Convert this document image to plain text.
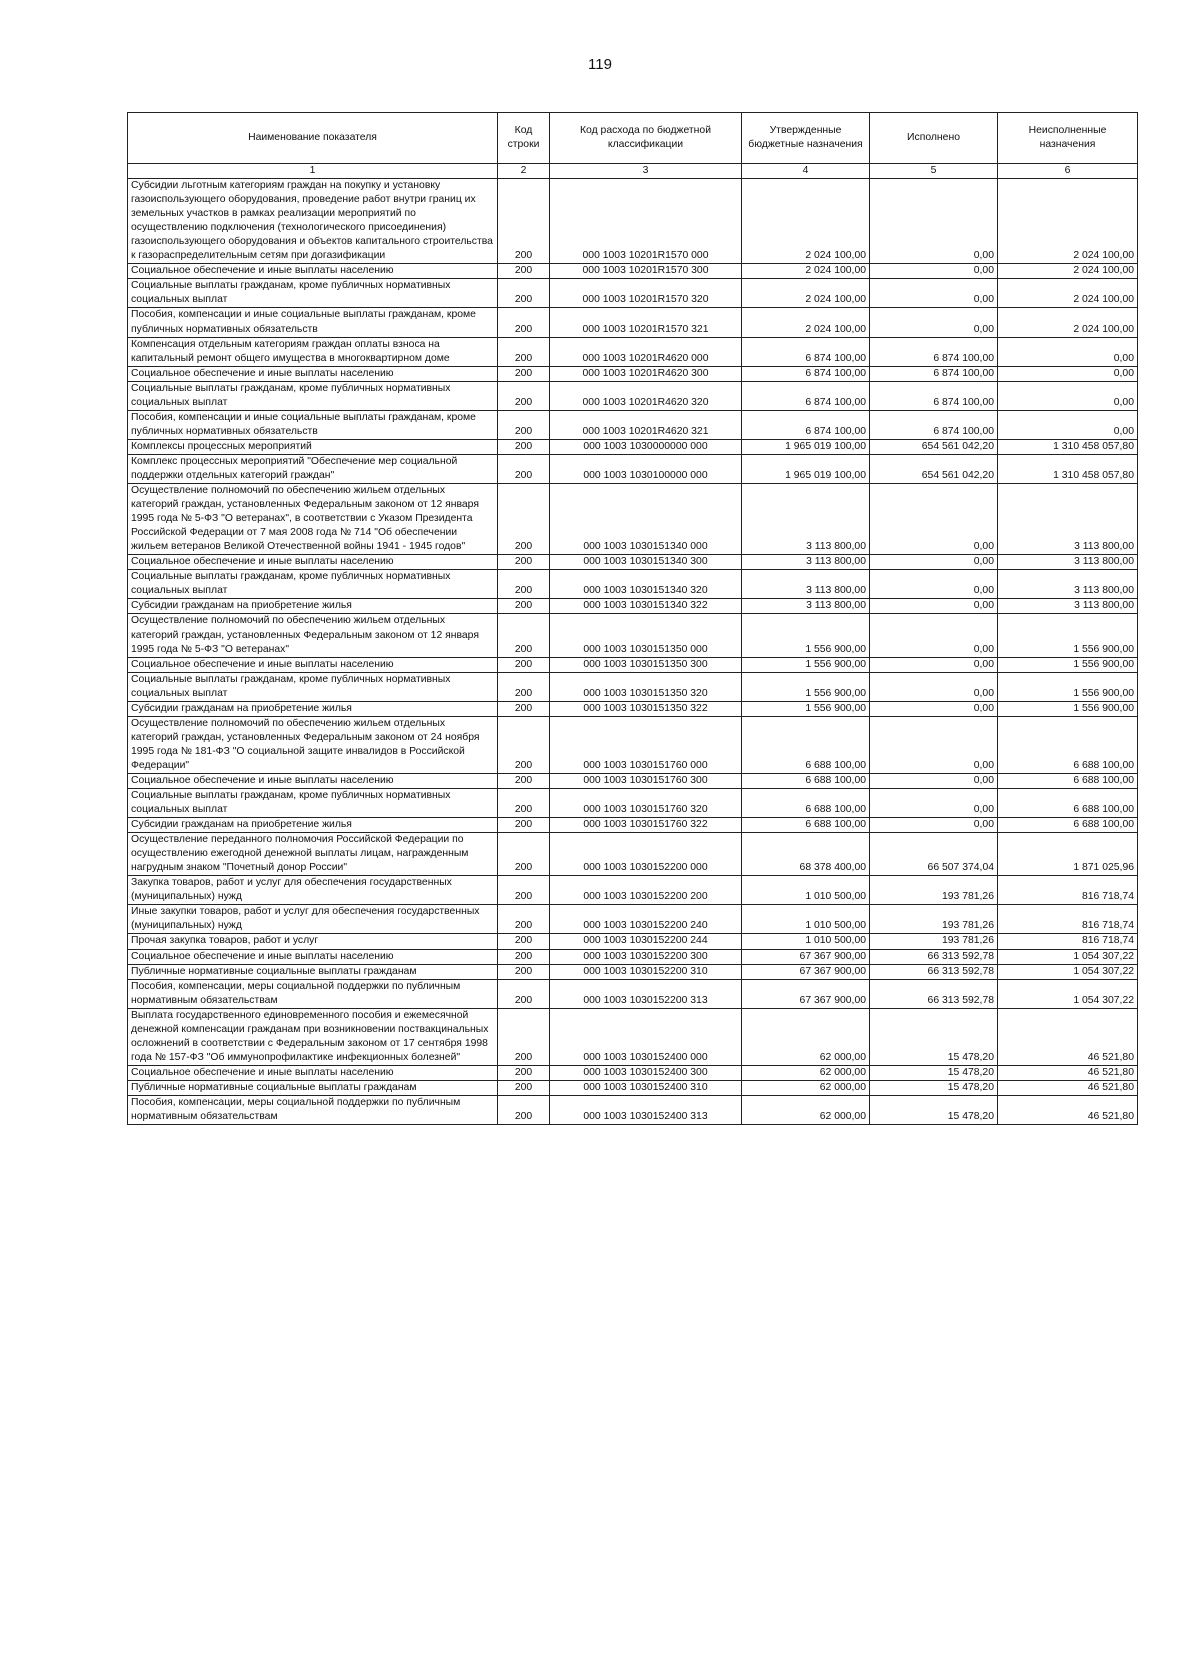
119
Наименование показателя	Код строки	Код расхода по бюджетной классификации	Утвержденные бюджетные назначения	Исполнено	Неисполненные назначения
1	2	3	4	5	6
Субсидии льготным категориям граждан на покупку и установку газоиспользующего оборудования, проведение работ внутри границ их земельных участков в рамках реализации мероприятий по осуществлению подключения (технологического присоединения) газоиспользующего оборудования и объектов капитального строительства к газораспределительным сетям при догазификации	200	000 1003 10201R1570 000	2 024 100,00	0,00	2 024 100,00
Социальное обеспечение и иные выплаты населению	200	000 1003 10201R1570 300	2 024 100,00	0,00	2 024 100,00
Социальные выплаты гражданам, кроме публичных нормативных социальных выплат	200	000 1003 10201R1570 320	2 024 100,00	0,00	2 024 100,00
Пособия, компенсации и иные социальные выплаты гражданам, кроме публичных нормативных обязательств	200	000 1003 10201R1570 321	2 024 100,00	0,00	2 024 100,00
Компенсация отдельным категориям граждан оплаты взноса на капитальный ремонт общего имущества в многоквартирном доме	200	000 1003 10201R4620 000	6 874 100,00	6 874 100,00	0,00
Социальное обеспечение и иные выплаты населению	200	000 1003 10201R4620 300	6 874 100,00	6 874 100,00	0,00
Социальные выплаты гражданам, кроме публичных нормативных социальных выплат	200	000 1003 10201R4620 320	6 874 100,00	6 874 100,00	0,00
Пособия, компенсации и иные социальные выплаты гражданам, кроме публичных нормативных обязательств	200	000 1003 10201R4620 321	6 874 100,00	6 874 100,00	0,00
Комплексы процессных мероприятий	200	000 1003 1030000000 000	1 965 019 100,00	654 561 042,20	1 310 458 057,80
Комплекс процессных мероприятий "Обеспечение мер социальной поддержки отдельных категорий граждан"	200	000 1003 1030100000 000	1 965 019 100,00	654 561 042,20	1 310 458 057,80
Осуществление полномочий по обеспечению жильем отдельных категорий граждан, установленных Федеральным законом от 12 января 1995 года № 5-ФЗ "О ветеранах", в соответствии с Указом Президента Российской Федерации от 7 мая 2008 года № 714 "Об обеспечении жильем ветеранов Великой Отечественной войны 1941 - 1945 годов"	200	000 1003 1030151340 000	3 113 800,00	0,00	3 113 800,00
Социальное обеспечение и иные выплаты населению	200	000 1003 1030151340 300	3 113 800,00	0,00	3 113 800,00
Социальные выплаты гражданам, кроме публичных нормативных социальных выплат	200	000 1003 1030151340 320	3 113 800,00	0,00	3 113 800,00
Субсидии гражданам на приобретение жилья	200	000 1003 1030151340 322	3 113 800,00	0,00	3 113 800,00
Осуществление полномочий по обеспечению жильем отдельных категорий граждан, установленных Федеральным законом от 12 января 1995 года № 5-ФЗ "О ветеранах"	200	000 1003 1030151350 000	1 556 900,00	0,00	1 556 900,00
Социальное обеспечение и иные выплаты населению	200	000 1003 1030151350 300	1 556 900,00	0,00	1 556 900,00
Социальные выплаты гражданам, кроме публичных нормативных социальных выплат	200	000 1003 1030151350 320	1 556 900,00	0,00	1 556 900,00
Субсидии гражданам на приобретение жилья	200	000 1003 1030151350 322	1 556 900,00	0,00	1 556 900,00
Осуществление полномочий по обеспечению жильем отдельных категорий граждан, установленных Федеральным законом от 24 ноября 1995 года № 181-ФЗ "О социальной защите инвалидов в Российской Федерации"	200	000 1003 1030151760 000	6 688 100,00	0,00	6 688 100,00
Социальное обеспечение и иные выплаты населению	200	000 1003 1030151760 300	6 688 100,00	0,00	6 688 100,00
Социальные выплаты гражданам, кроме публичных нормативных социальных выплат	200	000 1003 1030151760 320	6 688 100,00	0,00	6 688 100,00
Субсидии гражданам на приобретение жилья	200	000 1003 1030151760 322	6 688 100,00	0,00	6 688 100,00
Осуществление переданного полномочия Российской Федерации по осуществлению ежегодной денежной выплаты лицам, награжденным нагрудным знаком "Почетный донор России"	200	000 1003 1030152200 000	68 378 400,00	66 507 374,04	1 871 025,96
Закупка товаров, работ и услуг для обеспечения государственных (муниципальных) нужд	200	000 1003 1030152200 200	1 010 500,00	193 781,26	816 718,74
Иные закупки товаров, работ и услуг для обеспечения государственных (муниципальных) нужд	200	000 1003 1030152200 240	1 010 500,00	193 781,26	816 718,74
Прочая закупка товаров, работ и услуг	200	000 1003 1030152200 244	1 010 500,00	193 781,26	816 718,74
Социальное обеспечение и иные выплаты населению	200	000 1003 1030152200 300	67 367 900,00	66 313 592,78	1 054 307,22
Публичные нормативные социальные выплаты гражданам	200	000 1003 1030152200 310	67 367 900,00	66 313 592,78	1 054 307,22
Пособия, компенсации, меры социальной поддержки по публичным нормативным обязательствам	200	000 1003 1030152200 313	67 367 900,00	66 313 592,78	1 054 307,22
Выплата государственного единовременного пособия и ежемесячной денежной компенсации гражданам при возникновении поствакцинальных осложнений в соответствии с Федеральным законом от 17 сентября 1998 года № 157-ФЗ "Об иммунопрофилактике инфекционных болезней"	200	000 1003 1030152400 000	62 000,00	15 478,20	46 521,80
Социальное обеспечение и иные выплаты населению	200	000 1003 1030152400 300	62 000,00	15 478,20	46 521,80
Публичные нормативные социальные выплаты гражданам	200	000 1003 1030152400 310	62 000,00	15 478,20	46 521,80
Пособия, компенсации, меры социальной поддержки по публичным нормативным обязательствам	200	000 1003 1030152400 313	62 000,00	15 478,20	46 521,80
